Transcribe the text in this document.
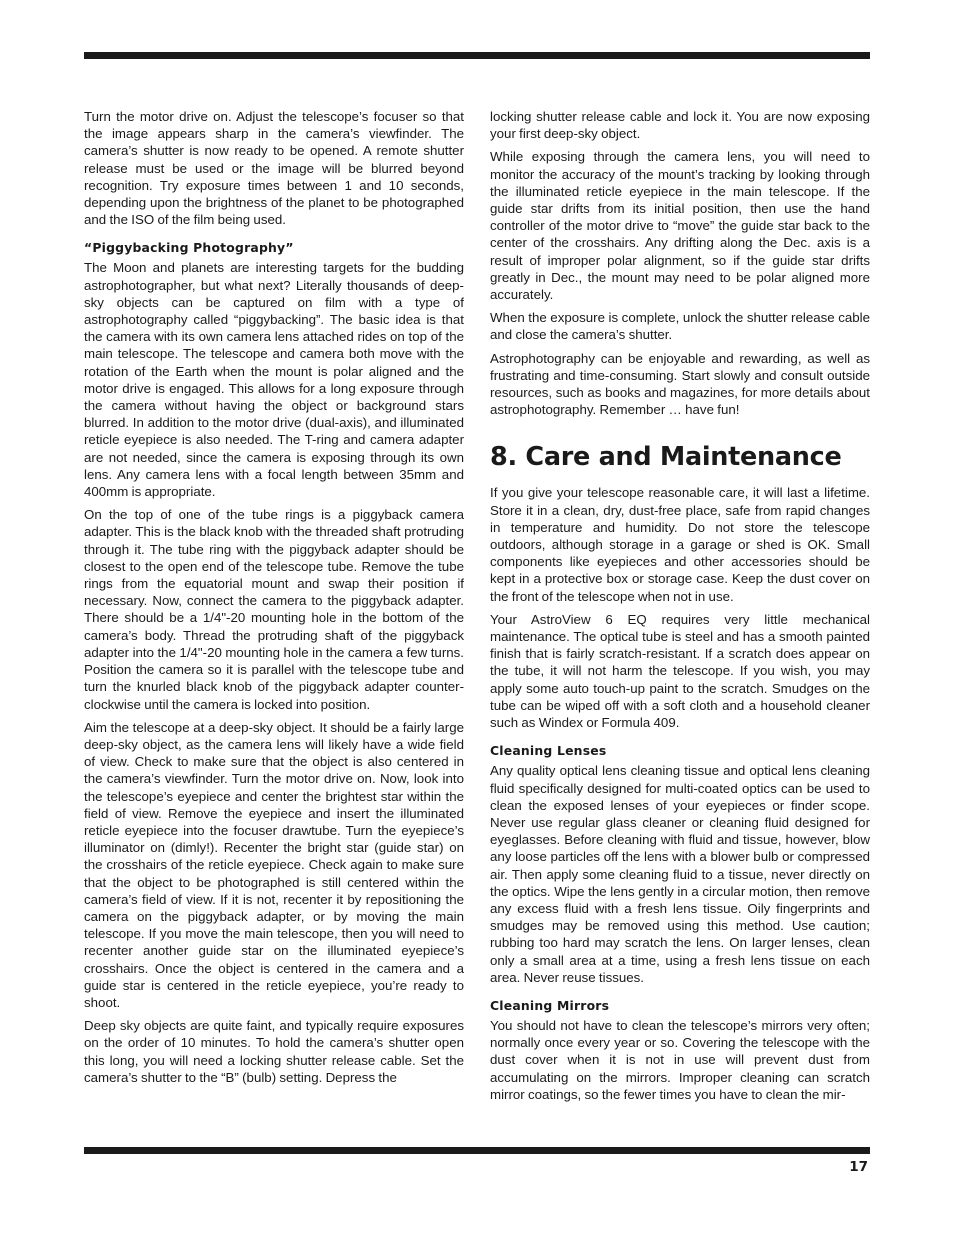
Turn the motor drive on. Adjust the telescope’s focuser so that the image appears sharp in the camera’s viewfinder. The camera’s shutter is now ready to be opened. A remote shutter release must be used or the image will be blurred beyond recognition. Try exposure times between 1 and 10 seconds, depending upon the brightness of the planet to be photographed and the ISO of the film being used.

“Piggybacking Photography”

The Moon and planets are interesting targets for the budding astrophotographer, but what next? Literally thousands of deep-sky objects can be captured on film with a type of astrophotography called “piggybacking”. The basic idea is that the camera with its own camera lens attached rides on top of the main telescope. The telescope and camera both move with the rotation of the Earth when the mount is polar aligned and the motor drive is engaged. This allows for a long exposure through the camera without having the object or background stars blurred. In addition to the motor drive (dual-axis), and illuminated reticle eyepiece is also needed. The T-ring and camera adapter are not needed, since the camera is exposing through its own lens. Any camera lens with a focal length between 35mm and 400mm is appropriate.

On the top of one of the tube rings is a piggyback camera adapter. This is the black knob with the threaded shaft protruding through it. The tube ring with the piggyback adapter should be closest to the open end of the telescope tube. Remove the tube rings from the equatorial mount and swap their position if necessary. Now, connect the camera to the piggyback adapter. There should be a 1/4"-20 mounting hole in the bottom of the camera’s body. Thread the protruding shaft of the piggyback adapter into the 1/4"-20 mounting hole in the camera a few turns. Position the camera so it is parallel with the telescope tube and turn the knurled black knob of the piggyback adapter counter-clockwise until the camera is locked into position.

Aim the telescope at a deep-sky object. It should be a fairly large deep-sky object, as the camera lens will likely have a wide field of view. Check to make sure that the object is also centered in the camera’s viewfinder. Turn the motor drive on. Now, look into the telescope’s eyepiece and center the brightest star within the field of view. Remove the eyepiece and insert the illuminated reticle eyepiece into the focuser drawtube. Turn the eyepiece’s illuminator on (dimly!). Recenter the bright star (guide star) on the crosshairs of the reticle eyepiece. Check again to make sure that the object to be photographed is still centered within the camera’s field of view. If it is not, recenter it by repositioning the camera on the piggyback adapter, or by moving the main telescope. If you move the main telescope, then you will need to recenter another guide star on the illuminated eyepiece’s crosshairs. Once the object is centered in the camera and a guide star is centered in the reticle eyepiece, you’re ready to shoot.

Deep sky objects are quite faint, and typically require exposures on the order of 10 minutes. To hold the camera’s shutter open this long, you will need a locking shutter release cable. Set the camera’s shutter to the “B” (bulb) setting. Depress the

locking shutter release cable and lock it. You are now exposing your first deep-sky object.

While exposing through the camera lens, you will need to monitor the accuracy of the mount’s tracking by looking through the illuminated reticle eyepiece in the main telescope. If the guide star drifts from its initial position, then use the hand controller of the motor drive to “move” the guide star back to the center of the crosshairs. Any drifting along the Dec. axis is a result of improper polar alignment, so if the guide star drifts greatly in Dec., the mount may need to be polar aligned more accurately.

When the exposure is complete, unlock the shutter release cable and close the camera’s shutter.

Astrophotography can be enjoyable and rewarding, as well as frustrating and time-consuming. Start slowly and consult outside resources, such as books and magazines, for more details about astrophotography. Remember … have fun!

8. Care and Maintenance

If you give your telescope reasonable care, it will last a lifetime. Store it in a clean, dry, dust-free place, safe from rapid changes in temperature and humidity. Do not store the telescope outdoors, although storage in a garage or shed is OK. Small components like eyepieces and other accessories should be kept in a protective box or storage case. Keep the dust cover on the front of the telescope when not in use.

Your AstroView 6 EQ requires very little mechanical maintenance. The optical tube is steel and has a smooth painted finish that is fairly scratch-resistant. If a scratch does appear on the tube, it will not harm the telescope. If you wish, you may apply some auto touch-up paint to the scratch. Smudges on the tube can be wiped off with a soft cloth and a household cleaner such as Windex or Formula 409.

Cleaning Lenses

Any quality optical lens cleaning tissue and optical lens cleaning fluid specifically designed for multi-coated optics can be used to clean the exposed lenses of your eyepieces or finder scope. Never use regular glass cleaner or cleaning fluid designed for eyeglasses. Before cleaning with fluid and tissue, however, blow any loose particles off the lens with a blower bulb or compressed air. Then apply some cleaning fluid to a tissue, never directly on the optics. Wipe the lens gently in a circular motion, then remove any excess fluid with a fresh lens tissue. Oily fingerprints and smudges may be removed using this method. Use caution; rubbing too hard may scratch the lens. On larger lenses, clean only a small area at a time, using a fresh lens tissue on each area. Never reuse tissues.

Cleaning Mirrors

You should not have to clean the telescope’s mirrors very often; normally once every year or so. Covering the telescope with the dust cover when it is not in use will prevent dust from accumulating on the mirrors. Improper cleaning can scratch mirror coatings, so the fewer times you have to clean the mir-

17
